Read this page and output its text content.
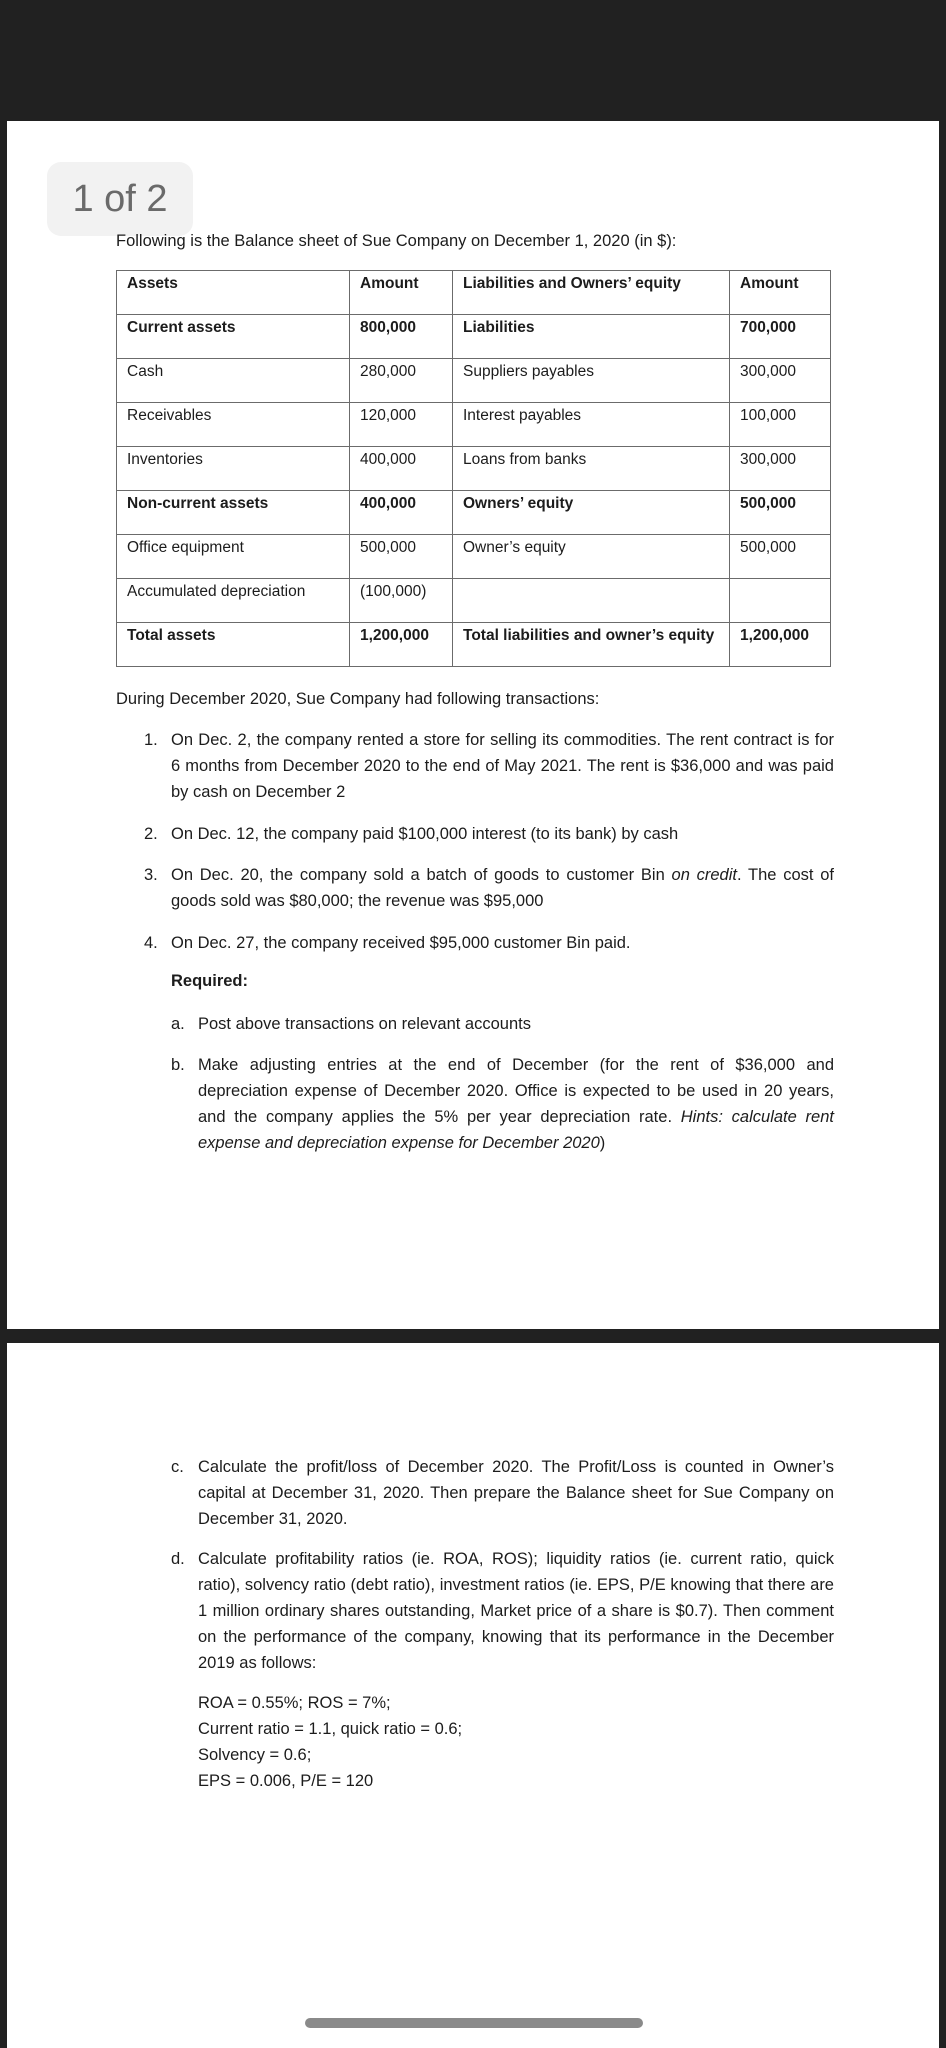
1 of 2
Following is the Balance sheet of Sue Company on December 1, 2020 (in $):
Assets	Amount	Liabilities and Owners’ equity	Amount
Current assets	800,000	Liabilities	700,000
Cash	280,000	Suppliers payables	300,000
Receivables	120,000	Interest payables	100,000
Inventories	400,000	Loans from banks	300,000
Non-current assets	400,000	Owners’ equity	500,000
Office equipment	500,000	Owner’s equity	500,000
Accumulated depreciation	(100,000)		
Total assets	1,200,000	Total liabilities and owner’s equity	1,200,000
During December 2020, Sue Company had following transactions:
1. On Dec. 2, the company rented a store for selling its commodities. The rent contract is for 6 months from December 2020 to the end of May 2021. The rent is $36,000 and was paid by cash on December 2
2. On Dec. 12, the company paid $100,000 interest (to its bank) by cash
3. On Dec. 20, the company sold a batch of goods to customer Bin on credit. The cost of goods sold was $80,000; the revenue was $95,000
4. On Dec. 27, the company received $95,000 customer Bin paid.
Required:
a. Post above transactions on relevant accounts
b. Make adjusting entries at the end of December (for the rent of $36,000 and depreciation expense of December 2020. Office is expected to be used in 20 years, and the company applies the 5% per year depreciation rate. Hints: calculate rent expense and depreciation expense for December 2020)
c. Calculate the profit/loss of December 2020. The Profit/Loss is counted in Owner’s capital at December 31, 2020. Then prepare the Balance sheet for Sue Company on December 31, 2020.
d. Calculate profitability ratios (ie. ROA, ROS); liquidity ratios (ie. current ratio, quick ratio), solvency ratio (debt ratio), investment ratios (ie. EPS, P/E knowing that there are 1 million ordinary shares outstanding, Market price of a share is $0.7). Then comment on the performance of the company, knowing that its performance in the December 2019 as follows:
ROA = 0.55%; ROS = 7%;
Current ratio = 1.1, quick ratio = 0.6;
Solvency = 0.6;
EPS = 0.006, P/E = 120
